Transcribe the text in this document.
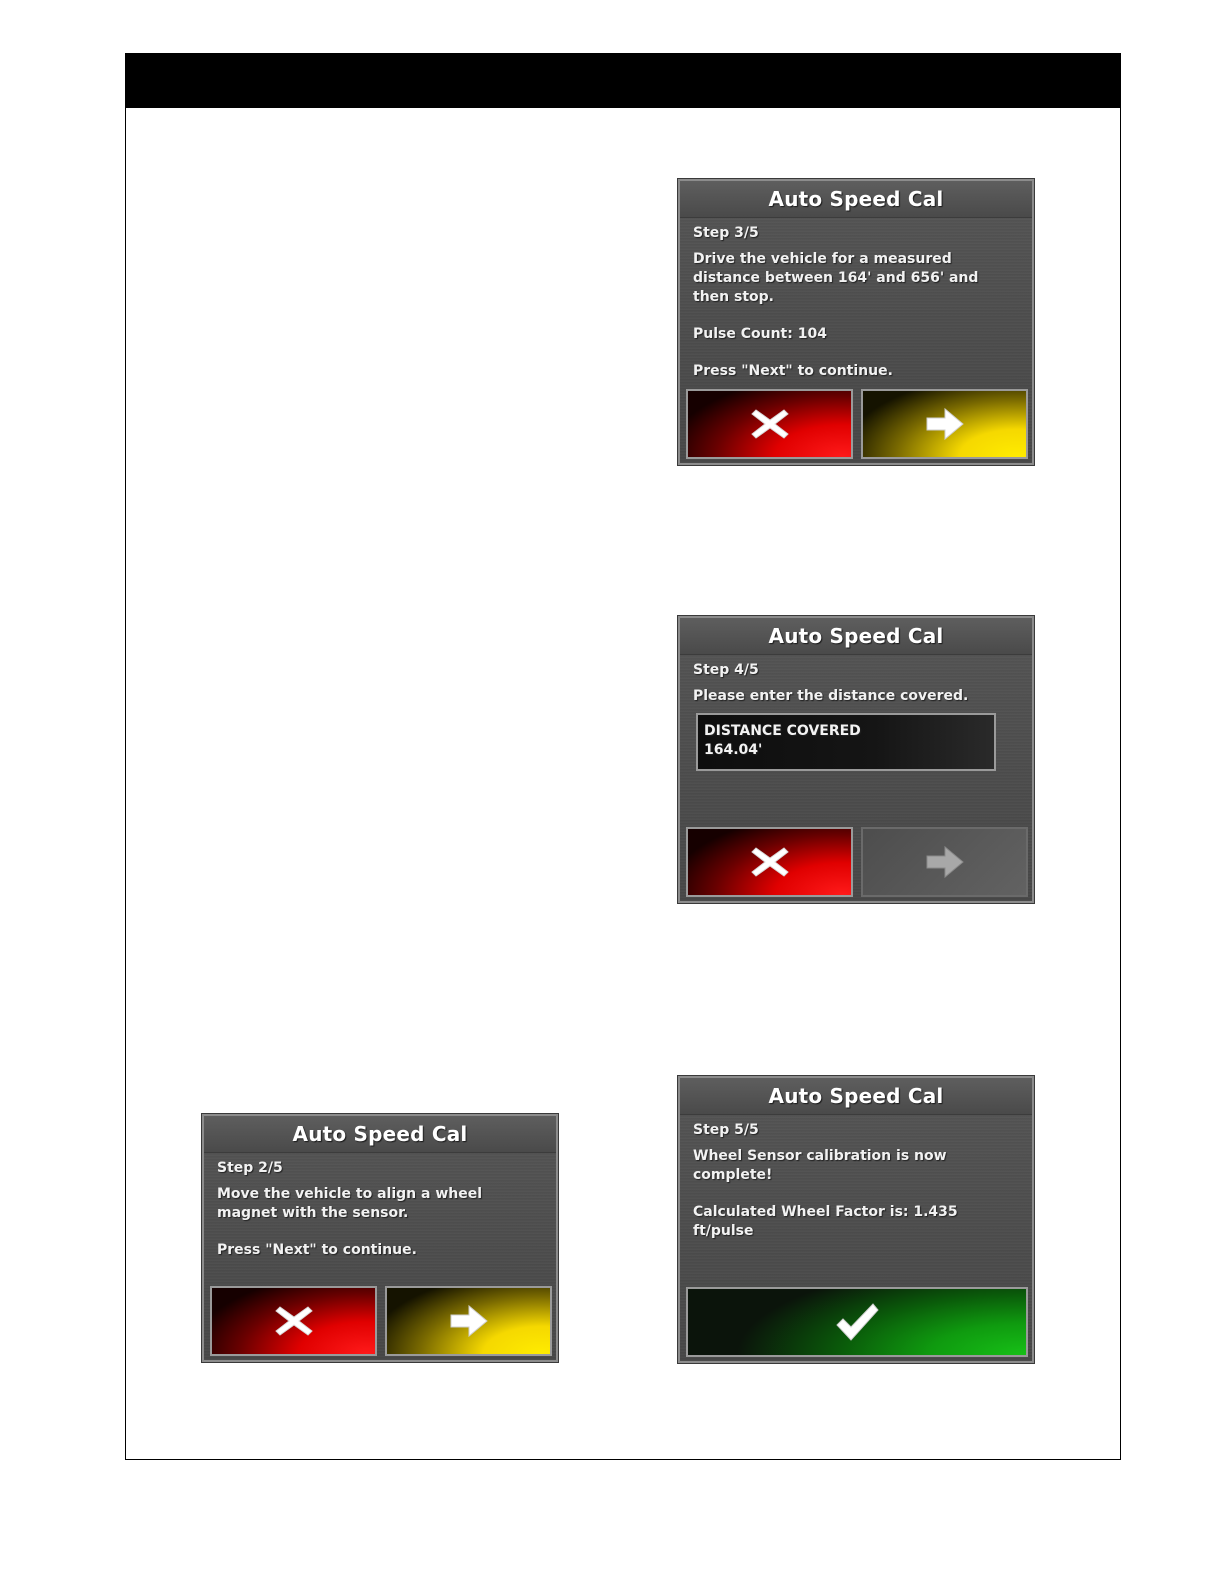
Auto Speed Cal
Step 3/5
Drive the vehicle for a measured
distance between 164' and 656' and
then stop.
Pulse Count: 104
Press "Next" to continue.
Auto Speed Cal
Step 4/5
Please enter the distance covered.
DISTANCE COVERED
164.04'
Auto Speed Cal
Step 2/5
Move the vehicle to align a wheel
magnet with the sensor.
Press "Next" to continue.
Auto Speed Cal
Step 5/5
Wheel Sensor calibration is now
complete!
Calculated Wheel Factor is: 1.435
ft/pulse
